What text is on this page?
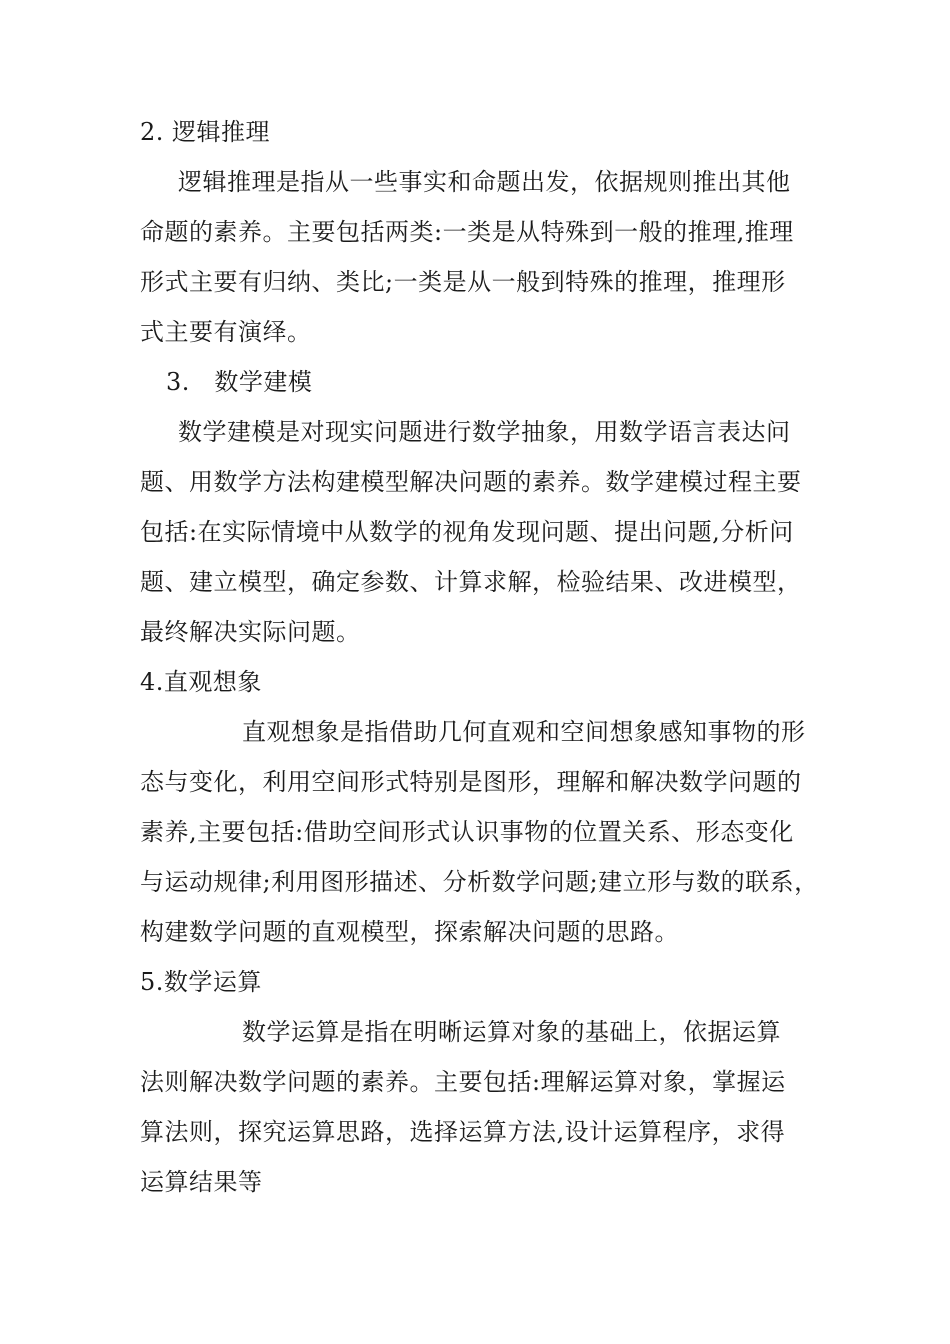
2. 逻辑推理
逻辑推理是指从一些事实和命题出发，依据规则推出其他
命题的素养。主要包括两类:一类是从特殊到一般的推理,推理
形式主要有归纳、类比;一类是从一般到特殊的推理，推理形
式主要有演绎。
3.　数学建模
数学建模是对现实问题进行数学抽象，用数学语言表达问
题、用数学方法构建模型解决问题的素养。数学建模过程主要
包括:在实际情境中从数学的视角发现问题、提出问题,分析问
题、建立模型，确定参数、计算求解，检验结果、改进模型，
最终解决实际问题。
4.直观想象
直观想象是指借助几何直观和空间想象感知事物的形
态与变化，利用空间形式特别是图形，理解和解决数学问题的
素养,主要包括:借助空间形式认识事物的位置关系、形态变化
与运动规律;利用图形描述、分析数学问题;建立形与数的联系，
构建数学问题的直观模型，探索解决问题的思路。
5.数学运算
数学运算是指在明晰运算对象的基础上，依据运算
法则解决数学问题的素养。主要包括:理解运算对象，掌握运
算法则，探究运算思路，选择运算方法,设计运算程序，求得
运算结果等
